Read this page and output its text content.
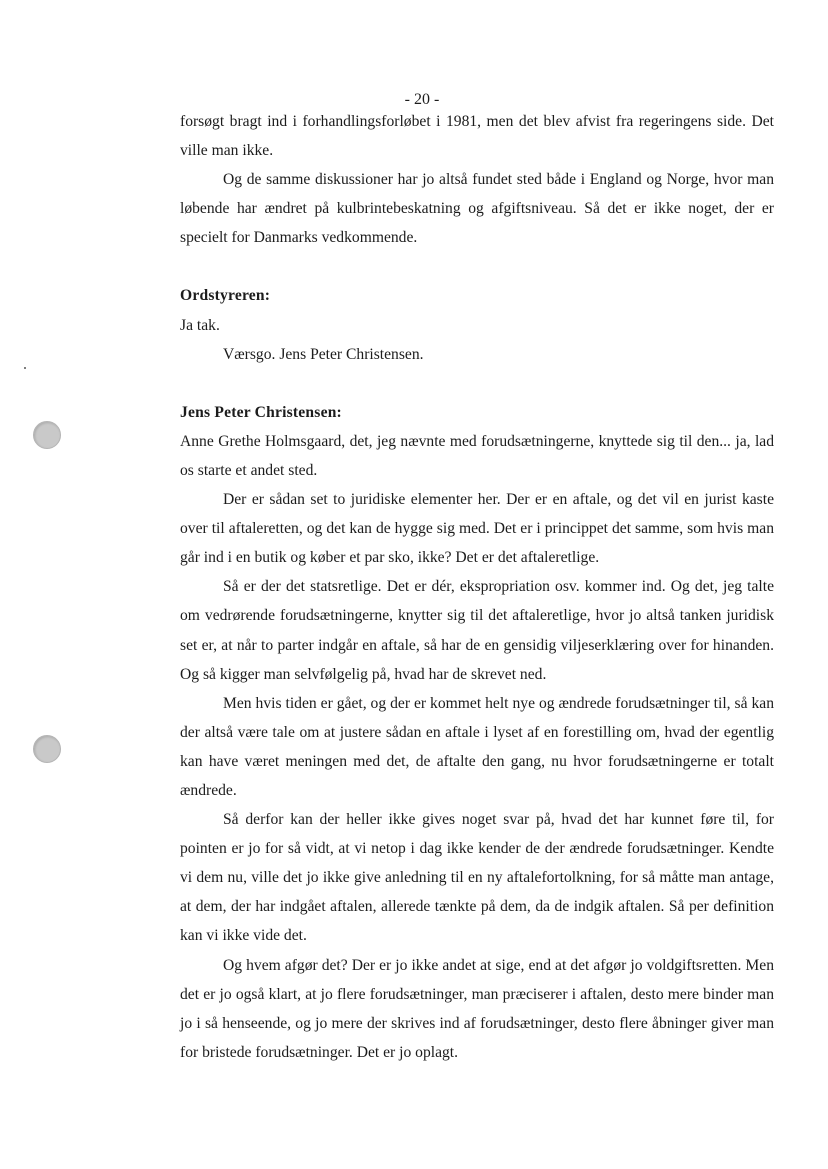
- 20 -

forsøgt bragt ind i forhandlingsforløbet i 1981, men det blev afvist fra regeringens side. Det ville man ikke.

Og de samme diskussioner har jo altså fundet sted både i England og Norge, hvor man løbende har ændret på kulbrintebeskatning og afgiftsniveau. Så det er ikke noget, der er specielt for Danmarks vedkommende.

Ordstyreren:

Ja tak.

Værsgo. Jens Peter Christensen.

Jens Peter Christensen:

Anne Grethe Holmsgaard, det, jeg nævnte med forudsætningerne, knyttede sig til den... ja, lad os starte et andet sted.

Der er sådan set to juridiske elementer her. Der er en aftale, og det vil en jurist kaste over til aftaleretten, og det kan de hygge sig med. Det er i princippet det samme, som hvis man går ind i en butik og køber et par sko, ikke? Det er det aftaleretlige.

Så er der det statsretlige. Det er dér, ekspropriation osv. kommer ind. Og det, jeg talte om vedrørende forudsætningerne, knytter sig til det aftaleretlige, hvor jo altså tanken juridisk set er, at når to parter indgår en aftale, så har de en gensidig viljeserklæring over for hinanden. Og så kigger man selvfølgelig på, hvad har de skrevet ned.

Men hvis tiden er gået, og der er kommet helt nye og ændrede forudsætninger til, så kan der altså være tale om at justere sådan en aftale i lyset af en forestilling om, hvad der egentlig kan have været meningen med det, de aftalte den gang, nu hvor forudsætningerne er totalt ændrede.

Så derfor kan der heller ikke gives noget svar på, hvad det har kunnet føre til, for pointen er jo for så vidt, at vi netop i dag ikke kender de der ændrede forudsætninger. Kendte vi dem nu, ville det jo ikke give anledning til en ny aftalefortolkning, for så måtte man antage, at dem, der har indgået aftalen, allerede tænkte på dem, da de indgik aftalen. Så per definition kan vi ikke vide det.

Og hvem afgør det? Der er jo ikke andet at sige, end at det afgør jo voldgiftsretten. Men det er jo også klart, at jo flere forudsætninger, man præciserer i aftalen, desto mere binder man jo i så henseende, og jo mere der skrives ind af forudsætninger, desto flere åbninger giver man for bristede forudsætninger. Det er jo oplagt.
